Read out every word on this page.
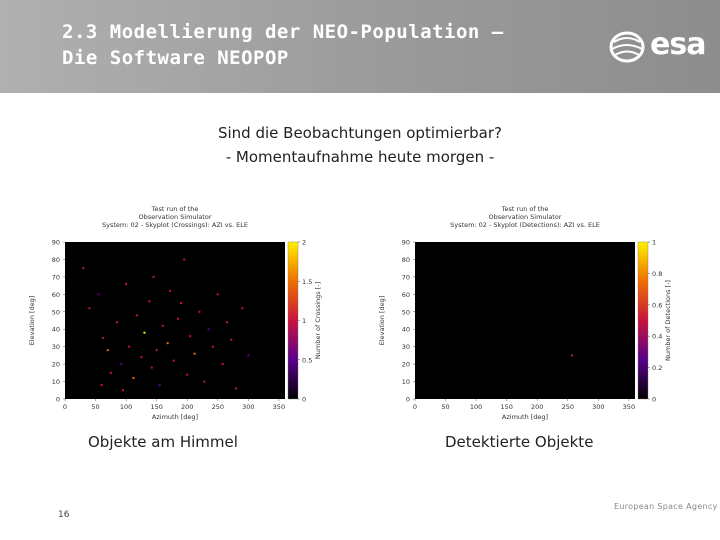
2.3 Modellierung der NEO-Population –
Die Software NEOPOP	esa
Sind die Beobachtungen optimierbar?
- Momentaufnahme heute morgen -
Test run of the
Observation Simulator
System: 02 - Skyplot (Crossings): AZI vs. ELE
0
10
20
30
40
50
60
70
80
90
0	50	100	150	200	250	300	350
Azimuth [deg]
Elevation [deg]
0
0.5
1
1.5
2
Number of Crossings [-]
Test run of the
Observation Simulator
System: 02 - Skyplot (Detections): AZI vs. ELE
0
10
20
30
40
50
60
70
80
90
0	50	100	150	200	250	300	350
Azimuth [deg]
Elevation [deg]
0
0.2
0.4
0.6
0.8
1
Number of Detections [-]
Objekte am Himmel	Detektierte Objekte
16
European Space Agency
